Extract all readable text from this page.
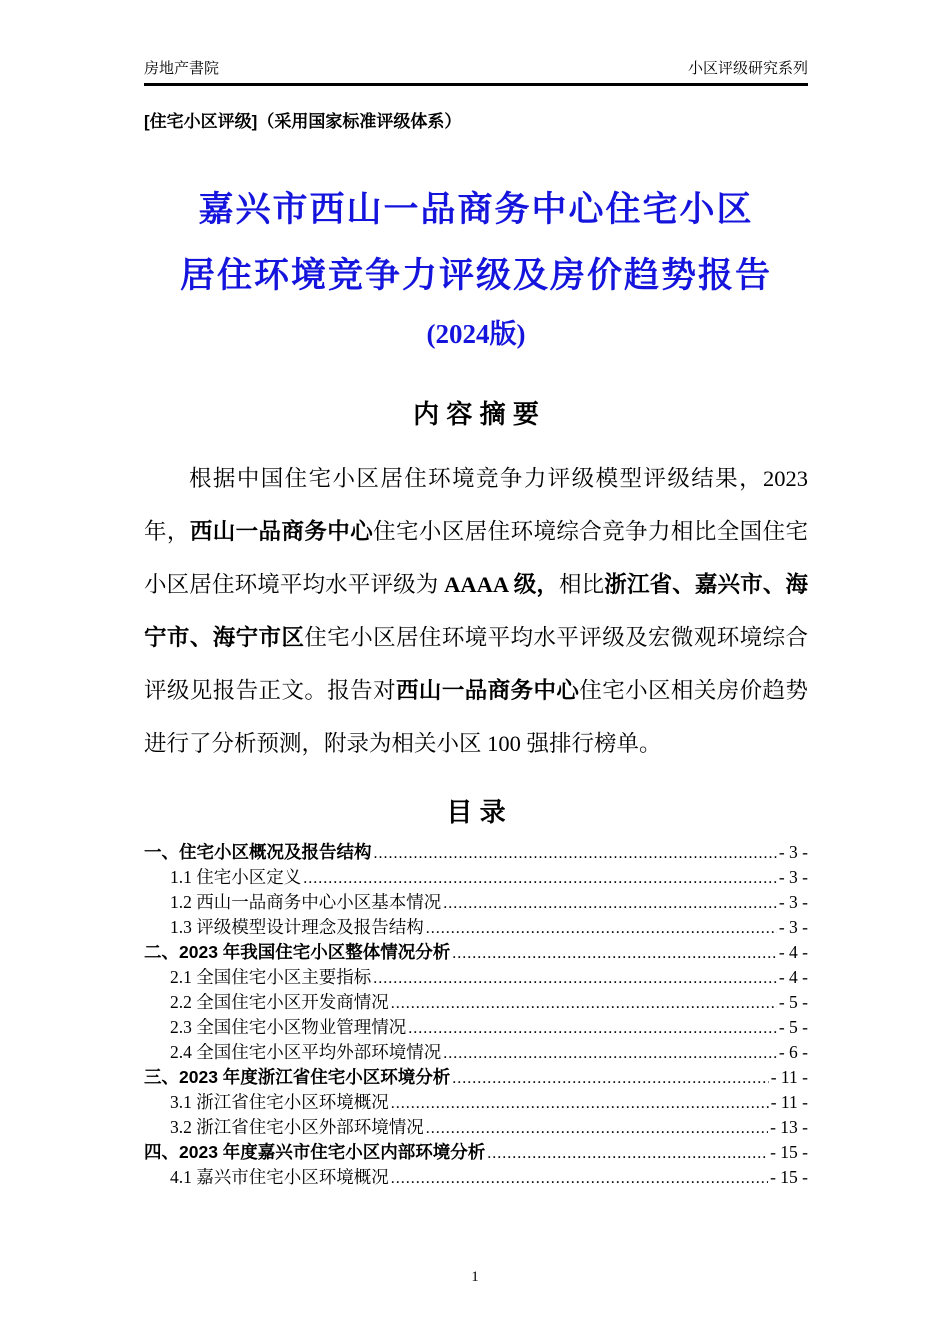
房地产書院	小区评级研究系列
[住宅小区评级]（采用国家标准评级体系）
嘉兴市西山一品商务中心住宅小区
居住环境竞争力评级及房价趋势报告
(2024版)
内 容 摘 要
根据中国住宅小区居住环境竞争力评级模型评级结果，2023 年，西山一品商务中心住宅小区居住环境综合竞争力相比全国住宅小区居住环境平均水平评级为 AAAA 级，相比浙江省、嘉兴市、海宁市、海宁市区住宅小区居住环境平均水平评级及宏微观环境综合评级见报告正文。报告对西山一品商务中心住宅小区相关房价趋势进行了分析预测，附录为相关小区 100 强排行榜单。
目 录
一、住宅小区概况及报告结构 .....	- 3 -
1.1 住宅小区定义 .....	- 3 -
1.2 西山一品商务中心小区基本情况 .....	- 3 -
1.3 评级模型设计理念及报告结构 .....	- 3 -
二、2023 年我国住宅小区整体情况分析 .....	- 4 -
2.1 全国住宅小区主要指标 .....	- 4 -
2.2 全国住宅小区开发商情况 .....	- 5 -
2.3 全国住宅小区物业管理情况 .....	- 5 -
2.4 全国住宅小区平均外部环境情况 .....	- 6 -
三、2023 年度浙江省住宅小区环境分析 .....	- 11 -
3.1 浙江省住宅小区环境概况 .....	- 11 -
3.2 浙江省住宅小区外部环境情况 .....	- 13 -
四、2023 年度嘉兴市住宅小区内部环境分析 .....	- 15 -
4.1 嘉兴市住宅小区环境概况 .....	- 15 -
1
